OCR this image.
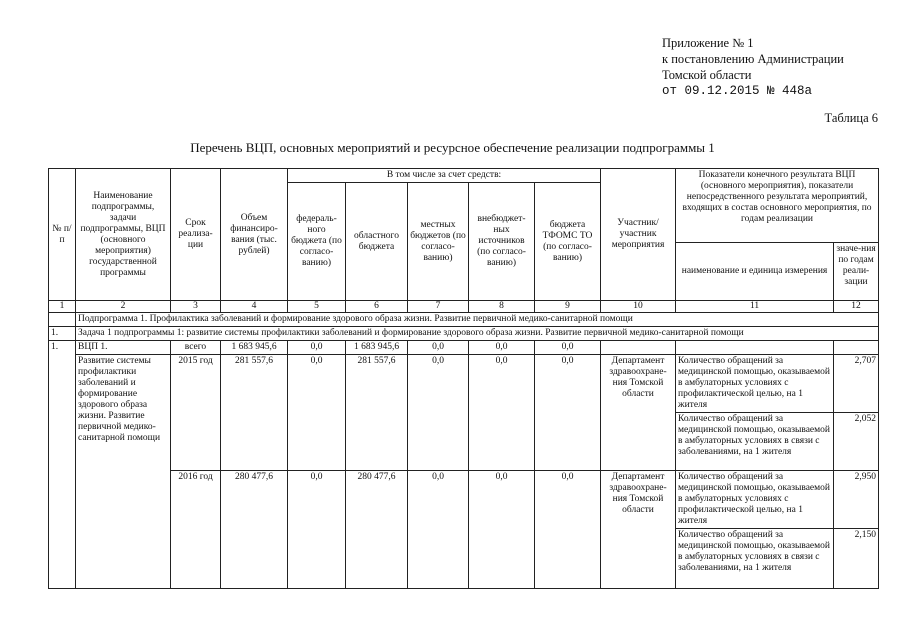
Приложение № 1
к постановлению Администрации
Томской области
от 09.12.2015 № 448а
Таблица 6
Перечень ВЦП, основных мероприятий и ресурсное обеспечение реализации подпрограммы 1
№ п/п	Наименование подпрограммы, задачи подпрограммы, ВЦП (основного мероприятия) государственной программы	Срок реализа-ции	Объем финансиро-вания (тыс. рублей)	В том числе за счет средств:					Участник/ участник мероприятия	Показатели конечного результата ВЦП (основного мероприятия), показатели непосредственного результата мероприятий, входящих в состав основного мероприятия, по годам реализации	
				федераль-ного бюджета (по согласо-ванию)	областного бюджета	местных бюджетов (по согласо-ванию)	внебюджет-ных источников (по согласо-ванию)	бюджета ТФОМС ТО (по согласо-ванию)			
										наименование и единица измерения	значе-ния по годам реали-зации
1	2	3	4	5	6	7	8	9	10	11	12
	Подпрограмма 1. Профилактика заболеваний и формирование здорового образа жизни. Развитие первичной медико-санитарной помощи										
1.	Задача 1 подпрограммы 1: развитие системы профилактики заболеваний и формирование здорового образа жизни. Развитие первичной медико-санитарной помощи										
1.	ВЦП 1.	всего	1 683 945,6	0,0	1 683 945,6	0,0	0,0	0,0			
	Развитие системы профилактики заболеваний и формирование здорового образа жизни. Развитие первичной медико-санитарной помощи	2015 год	281 557,6	0,0	281 557,6	0,0	0,0	0,0	Департамент здравоохране-ния Томской области	Количество обращений за медицинской помощью, оказываемой в амбулаторных условиях с профилактической целью, на 1 жителя	2,707
										Количество обращений за медицинской помощью, оказываемой в амбулаторных условиях в связи с заболеваниями, на 1 жителя	2,052
		2016 год	280 477,6	0,0	280 477,6	0,0	0,0	0,0	Департамент здравоохране-ния Томской области	Количество обращений за медицинской помощью, оказываемой в амбулаторных условиях с профилактической целью, на 1 жителя	2,950
										Количество обращений за медицинской помощью, оказываемой в амбулаторных условиях в связи с заболеваниями, на 1 жителя	2,150
